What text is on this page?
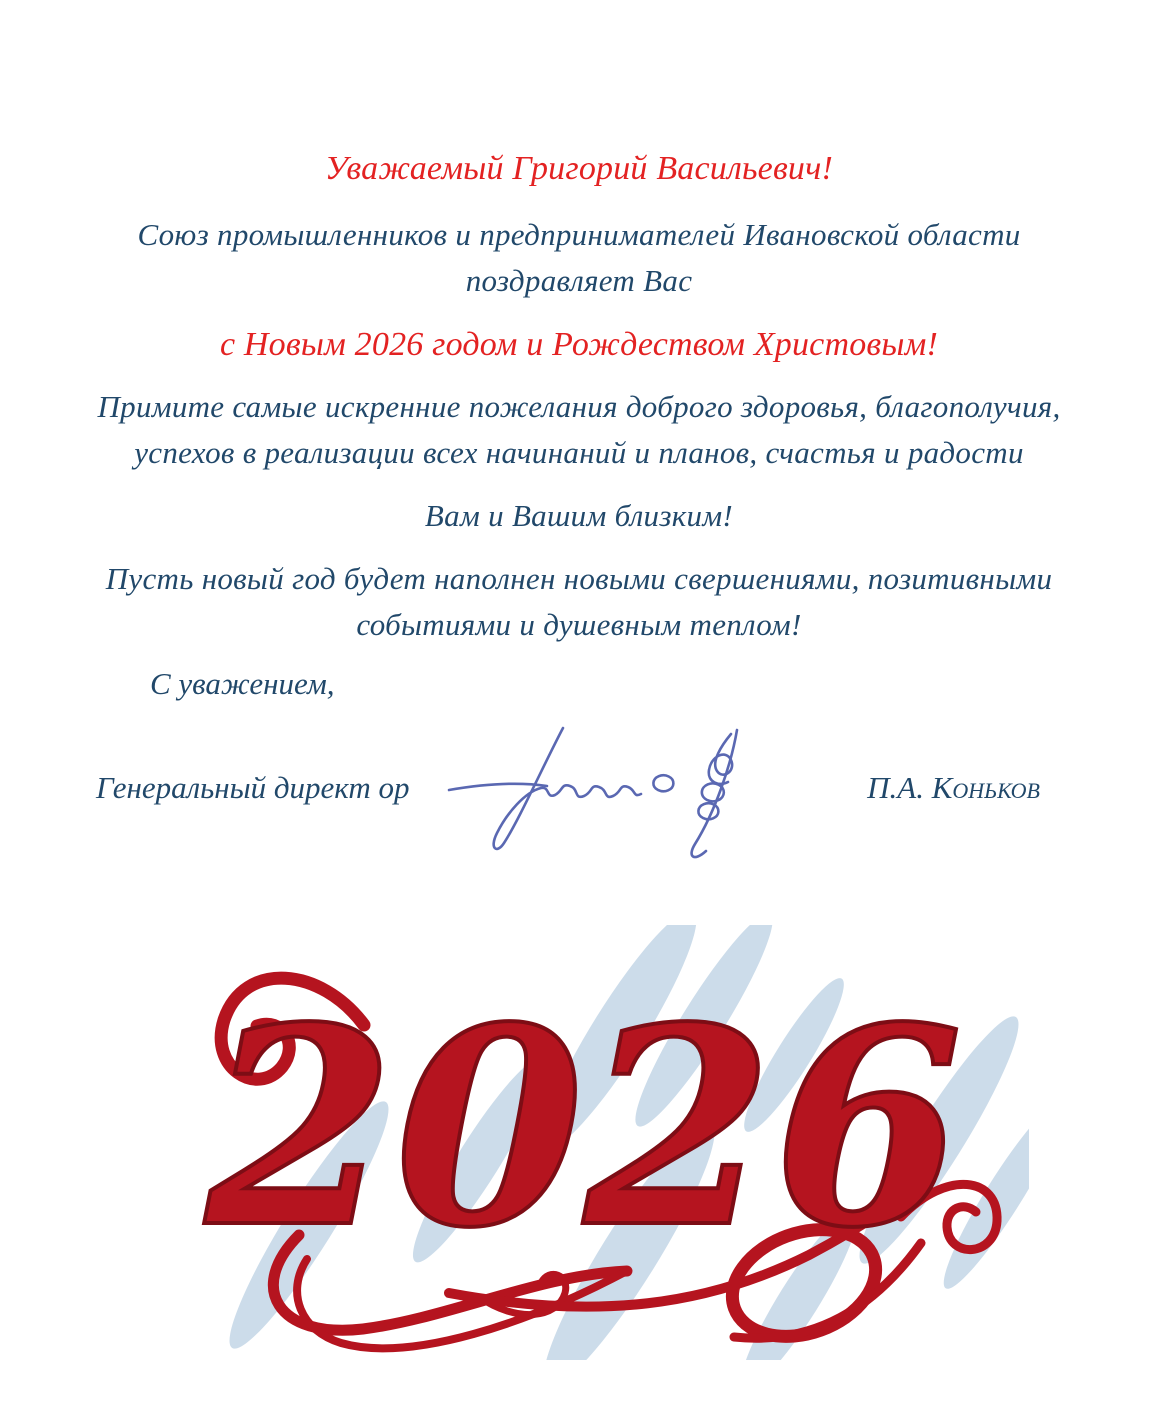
Уважаемый Григорий Васильевич!
Союз промышленников и предпринимателей Ивановской области
поздравляет Вас
с Новым 2026 годом и Рождеством Христовым!
Примите самые искренние пожелания доброго здоровья, благополучия,
успехов в реализации всех начинаний и планов, счастья и радости
Вам и Вашим близким!
Пусть новый год будет наполнен новыми свершениями, позитивными
событиями и душевным теплом!
С уважением,
Генеральный директ ор	П.А. Коньков
2026
